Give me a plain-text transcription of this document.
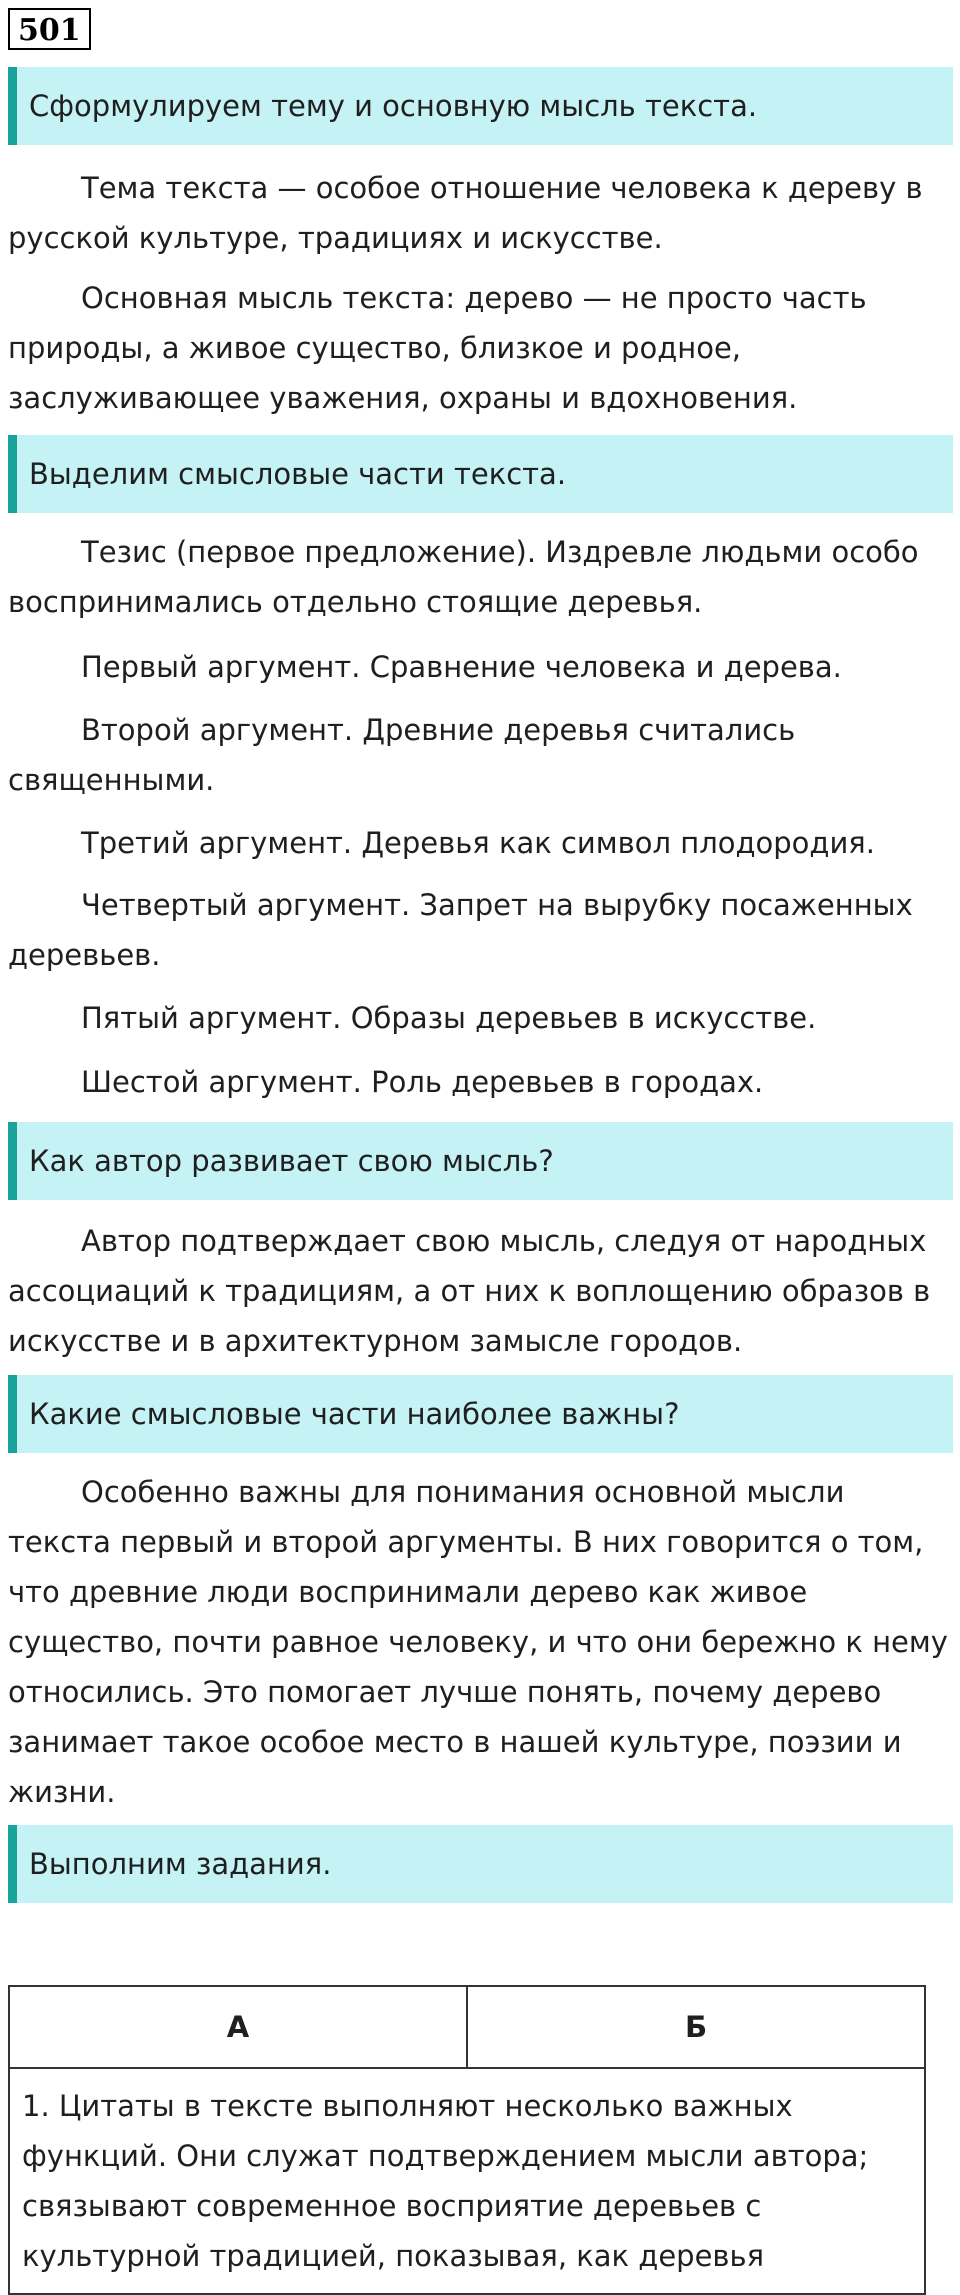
501
Сформулируем тему и основную мысль текста.
Тема текста — особое отношение человека к дереву в русской культуре, традициях и искусстве.
Основная мысль текста: дерево — не просто часть природы, а живое существо, близкое и родное, заслуживающее уважения, охраны и вдохновения.
Выделим смысловые части текста.
Тезис (первое предложение). Издревле людьми особо воспринимались отдельно стоящие деревья.
Первый аргумент. Сравнение человека и дерева.
Второй аргумент. Древние деревья считались священными.
Третий аргумент. Деревья как символ плодородия.
Четвертый аргумент. Запрет на вырубку посаженных деревьев.
Пятый аргумент. Образы деревьев в искусстве.
Шестой аргумент. Роль деревьев в городах.
Как автор развивает свою мысль?
Автор подтверждает свою мысль, следуя от народных ассоциаций к традициям, а от них к воплощению образов в искусстве и в архитектурном замысле городов.
Какие смысловые части наиболее важны?
Особенно важны для понимания основной мысли текста первый и второй аргументы. В них говорится о том, что древние люди воспринимали дерево как живое существо, почти равное человеку, и что они бережно к нему относились. Это помогает лучше понять, почему дерево занимает такое особое место в нашей культуре, поэзии и жизни.
Выполним задания.
А	Б
1. Цитаты в тексте выполняют несколько важных функций. Они служат подтверждением мысли автора; связывают современное восприятие деревьев с культурной традицией, показывая, как деревья
